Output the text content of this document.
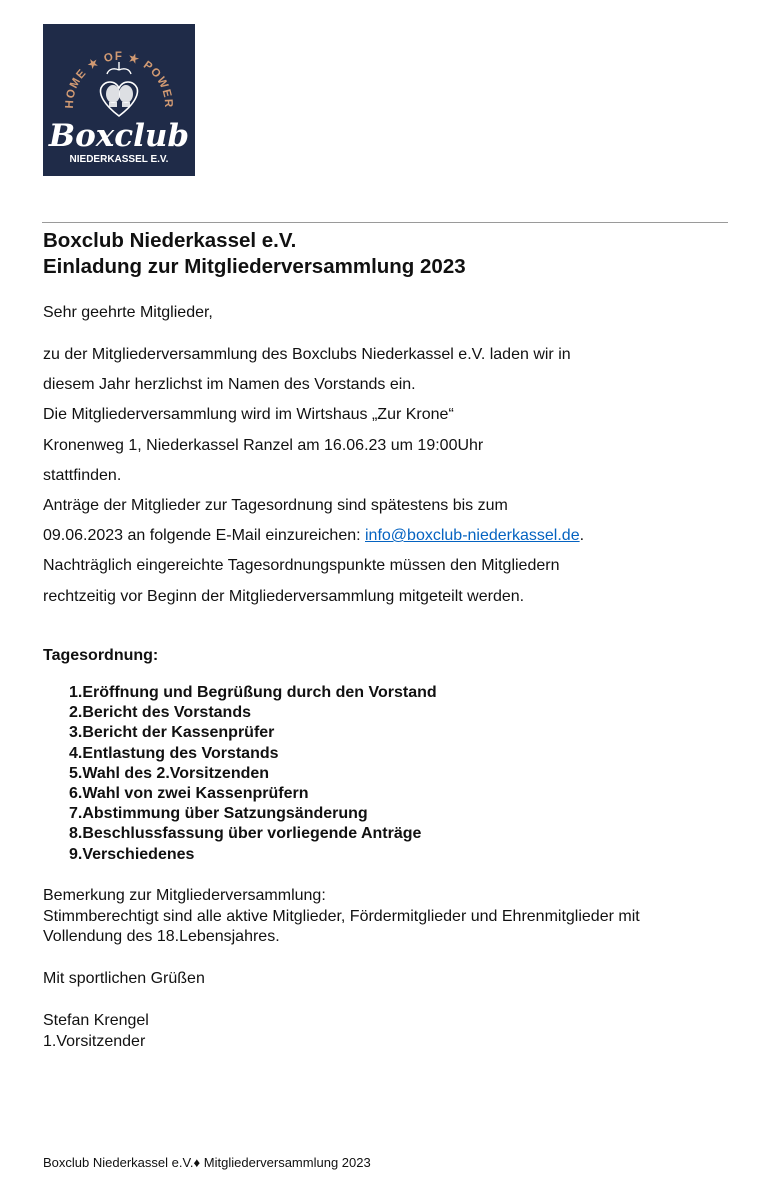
HOME ★ OF ★ POWER
Boxclub
NIEDERKASSEL E.V.
Boxclub Niederkassel e.V.
Einladung zur Mitgliederversammlung 2023
Sehr geehrte Mitglieder,
zu der Mitgliederversammlung des Boxclubs Niederkassel e.V. laden wir in
diesem Jahr herzlichst im Namen des Vorstands ein.
Die Mitgliederversammlung wird im Wirtshaus „Zur Krone“
Kronenweg 1, Niederkassel Ranzel am 16.06.23 um 19:00Uhr
stattfinden.
Anträge der Mitglieder zur Tagesordnung sind spätestens bis zum
09.06.2023 an folgende E-Mail einzureichen: info@boxclub-niederkassel.de.
Nachträglich eingereichte Tagesordnungspunkte müssen den Mitgliedern
rechtzeitig vor Beginn der Mitgliederversammlung mitgeteilt werden.
Tagesordnung:
1.Eröffnung und Begrüßung durch den Vorstand
2.Bericht des Vorstands
3.Bericht der Kassenprüfer
4.Entlastung des Vorstands
5.Wahl des 2.Vorsitzenden
6.Wahl von zwei Kassenprüfern
7.Abstimmung über Satzungsänderung
8.Beschlussfassung über vorliegende Anträge
9.Verschiedenes
Bemerkung zur Mitgliederversammlung:
Stimmberechtigt sind alle aktive Mitglieder, Fördermitglieder und Ehrenmitglieder mit
Vollendung des 18.Lebensjahres.
Mit sportlichen Grüßen
Stefan Krengel
1.Vorsitzender
Boxclub Niederkassel e.V.♦ Mitgliederversammlung 2023
